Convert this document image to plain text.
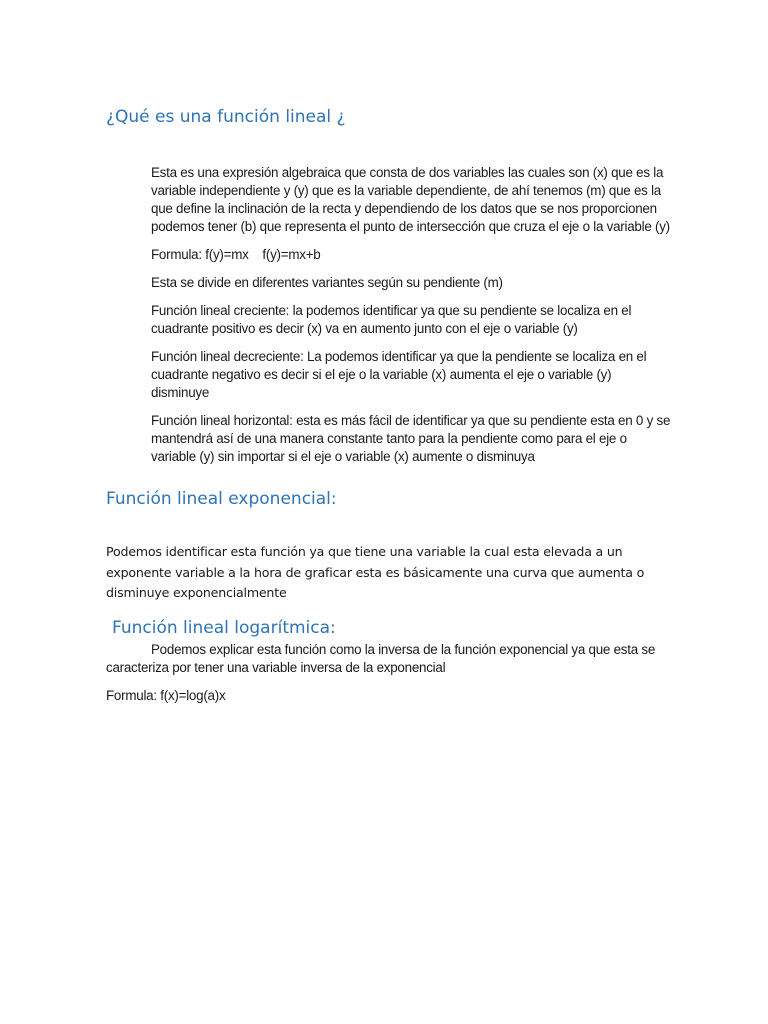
¿Qué es una función lineal ¿

Esta es una expresión algebraica que consta de dos variables las cuales son (x) que es la variable independiente y (y) que es la variable dependiente, de ahí tenemos (m) que es la que define la inclinación de la recta y dependiendo de los datos que se nos proporcionen podemos tener (b) que representa el punto de intersección que cruza el eje o la variable (y)

Formula: f(y)=mx    f(y)=mx+b

Esta se divide en diferentes variantes según su pendiente (m)

Función lineal creciente: la podemos identificar ya que su pendiente se localiza en el cuadrante positivo es decir (x) va en aumento junto con el eje o variable (y)

Función lineal decreciente: La podemos identificar ya que la pendiente se localiza en el cuadrante negativo es decir si el eje o la variable (x) aumenta el eje o variable (y) disminuye

Función lineal horizontal: esta es más fácil de identificar ya que su pendiente esta en 0 y se mantendrá así de una manera constante tanto para la pendiente como para el eje o variable (y) sin importar si el eje o variable (x) aumente o disminuya

Función lineal exponencial:

Podemos identificar esta función ya que tiene una variable la cual esta elevada a un exponente variable a la hora de graficar esta es básicamente una curva que aumenta o disminuye exponencialmente

Función lineal logarítmica:

Podemos explicar esta función como la inversa de la función exponencial ya que esta se caracteriza por tener una variable inversa de la exponencial

Formula: f(x)=log(a)x
